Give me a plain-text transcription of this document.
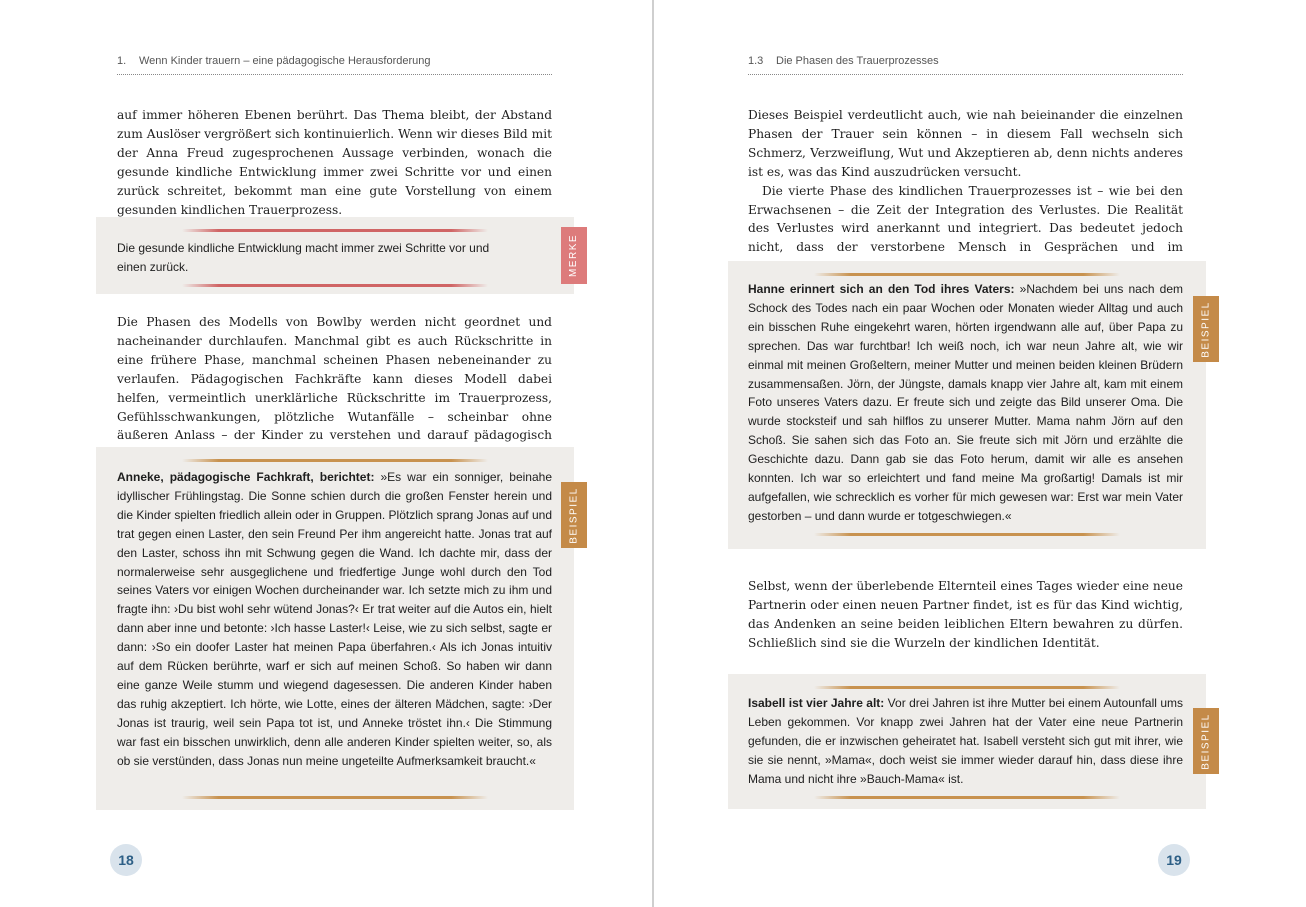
1.	Wenn Kinder trauern – eine pädagogische Herausforderung

auf immer höheren Ebenen berührt. Das Thema bleibt, der Abstand zum Auslöser vergrößert sich kontinuierlich. Wenn wir dieses Bild mit der Anna Freud zugesprochenen Aussage verbinden, wonach die gesunde kindliche Entwicklung immer zwei Schritte vor und einen zurück schreitet, bekommt man eine gute Vorstellung von einem gesunden kindlichen Trauerprozess.

Die gesunde kindliche Entwicklung macht immer zwei Schritte vor und einen zurück.	MERKE

Die Phasen des Modells von Bowlby werden nicht geordnet und nacheinander durchlaufen. Manchmal gibt es auch Rückschritte in eine frühere Phase, manchmal scheinen Phasen nebeneinander zu verlaufen. Pädagogischen Fachkräfte kann dieses Modell dabei helfen, vermeintlich unerklärliche Rückschritte im Trauerprozess, Gefühlsschwankungen, plötzliche Wutanfälle – scheinbar ohne äußeren Anlass – der Kinder zu verstehen und darauf pädagogisch

Anneke, pädagogische Fachkraft, berichtet: »Es war ein sonniger, beinahe idyllischer Frühlingstag. Die Sonne schien durch die großen Fenster herein und die Kinder spielten friedlich allein oder in Gruppen. Plötzlich sprang Jonas auf und trat gegen einen Laster, den sein Freund Per ihm angereicht hatte. Jonas trat auf den Laster, schoss ihn mit Schwung gegen die Wand. Ich dachte mir, dass der normalerweise sehr ausgeglichene und friedfertige Junge wohl durch den Tod seines Vaters vor einigen Wochen durcheinander war. Ich setzte mich zu ihm und fragte ihn: ›Du bist wohl sehr wütend Jonas?‹ Er trat weiter auf die Autos ein, hielt dann aber inne und betonte: ›Ich hasse Laster!‹ Leise, wie zu sich selbst, sagte er dann: ›So ein doofer Laster hat meinen Papa überfahren.‹ Als ich Jonas intuitiv auf dem Rücken berührte, warf er sich auf meinen Schoß. So haben wir dann eine ganze Weile stumm und wiegend dagesessen. Die anderen Kinder haben das ruhig akzeptiert. Ich hörte, wie Lotte, eines der älteren Mädchen, sagte: ›Der Jonas ist traurig, weil sein Papa tot ist, und Anneke tröstet ihn.‹ Die Stimmung war fast ein bisschen unwirklich, denn alle anderen Kinder spielten weiter, so, als ob sie verstünden, dass Jonas nun meine ungeteilte Aufmerksamkeit braucht.«
BEISPIEL
18
1.3	Die Phasen des Trauerprozesses

Dieses Beispiel verdeutlicht auch, wie nah beieinander die einzelnen Phasen der Trauer sein können – in diesem Fall wechseln sich Schmerz, Verzweiflung, Wut und Akzeptieren ab, denn nichts anderes ist es, was das Kind auszudrücken versucht.

Die vierte Phase des kindlichen Trauerprozesses ist – wie bei den Erwachsenen – die Zeit der Integration des Verlustes. Die Realität des Verlustes wird anerkannt und integriert. Das bedeutet jedoch nicht, dass der verstorbene Mensch in Gesprächen und im

Hanne erinnert sich an den Tod ihres Vaters: »Nachdem bei uns nach dem Schock des Todes nach ein paar Wochen oder Monaten wieder Alltag und auch ein bisschen Ruhe eingekehrt waren, hörten irgendwann alle auf, über Papa zu sprechen. Das war furchtbar! Ich weiß noch, ich war neun Jahre alt, wie wir einmal mit meinen Großeltern, meiner Mutter und meinen beiden kleinen Brüdern zusammensaßen. Jörn, der Jüngste, damals knapp vier Jahre alt, kam mit einem Foto unseres Vaters dazu. Er freute sich und zeigte das Bild unserer Oma. Die wurde stocksteif und sah hilflos zu unserer Mutter. Mama nahm Jörn auf den Schoß. Sie sahen sich das Foto an. Sie freute sich mit Jörn und erzählte die Geschichte dazu. Dann gab sie das Foto herum, damit wir alle es ansehen konnten. Ich war so erleichtert und fand meine Ma großartig! Damals ist mir aufgefallen, wie schrecklich es vorher für mich gewesen war: Erst war mein Vater gestorben – und dann wurde er totgeschwiegen.«
BEISPIEL

Selbst, wenn der überlebende Elternteil eines Tages wieder eine neue Partnerin oder einen neuen Partner findet, ist es für das Kind wichtig, das Andenken an seine beiden leiblichen Eltern bewahren zu dürfen. Schließlich sind sie die Wurzeln der kindlichen Identität.

Isabell ist vier Jahre alt: Vor drei Jahren ist ihre Mutter bei einem Autounfall ums Leben gekommen. Vor knapp zwei Jahren hat der Vater eine neue Partnerin gefunden, die er inzwischen geheiratet hat. Isabell versteht sich gut mit ihrer, wie sie sie nennt, »Mama«, doch weist sie immer wieder darauf hin, dass diese ihre Mama und nicht ihre »Bauch-Mama« ist.
BEISPIEL
19
